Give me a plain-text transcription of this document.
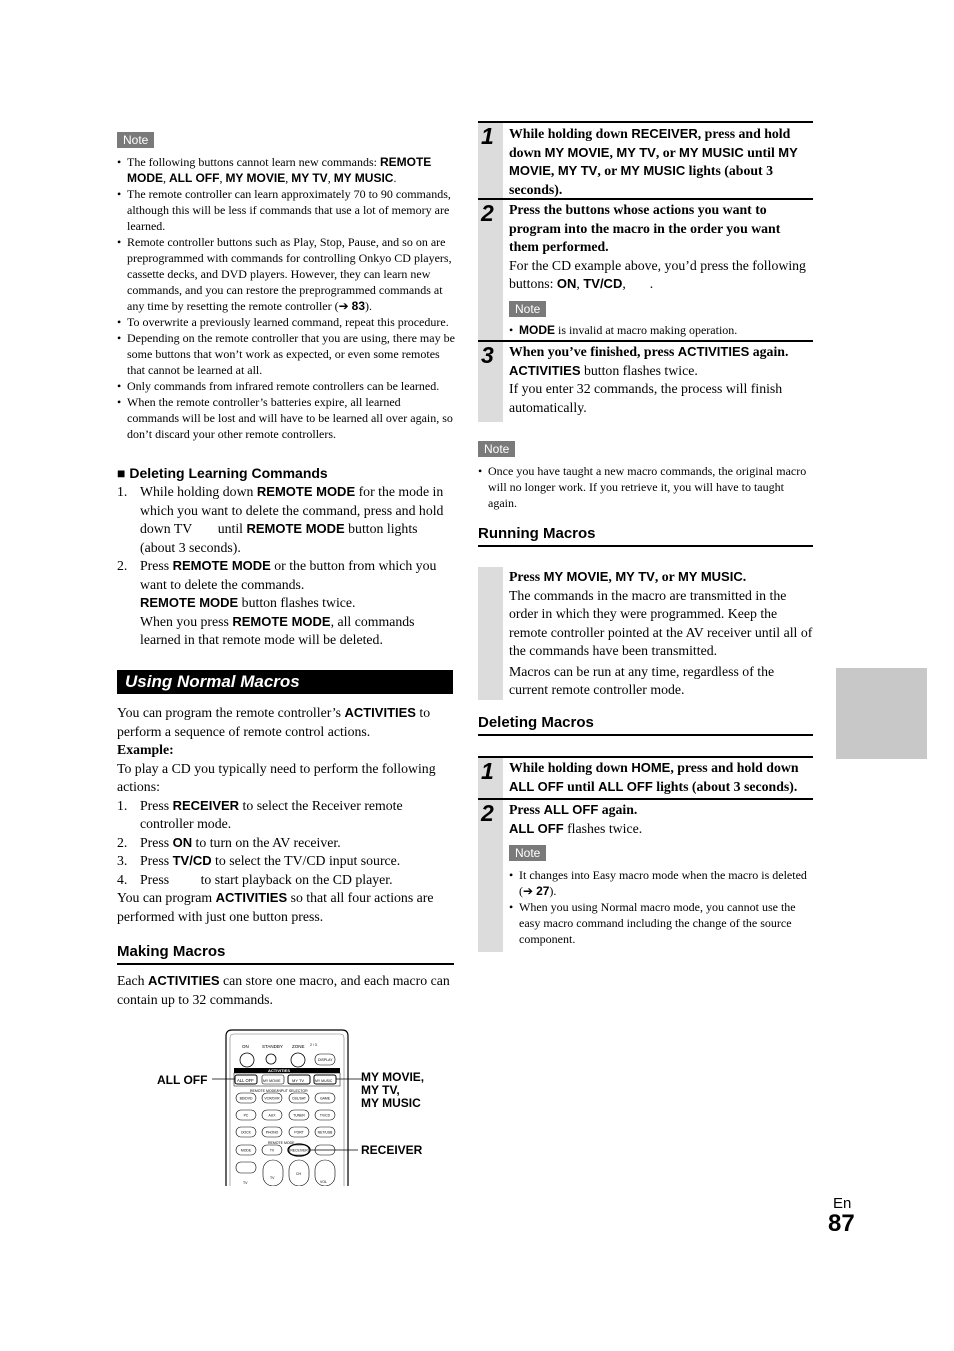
Note
• The following buttons cannot learn new commands: REMOTE MODE, ALL OFF, MY MOVIE, MY TV, MY MUSIC.
• The remote controller can learn approximately 70 to 90 commands, although this will be less if commands that use a lot of memory are learned.
• Remote controller buttons such as Play, Stop, Pause, and so on are preprogrammed with commands for controlling Onkyo CD players, cassette decks, and DVD players. However, they can learn new commands, and you can restore the preprogrammed commands at any time by resetting the remote controller (➔ 83).
• To overwrite a previously learned command, repeat this procedure.
• Depending on the remote controller that you are using, there may be some buttons that won’t work as expected, or even some remotes that cannot be learned at all.
• Only commands from infrared remote controllers can be learned.
• When the remote controller’s batteries expire, all learned commands will be lost and will have to be learned all over again, so don’t discard your other remote controllers.
■ Deleting Learning Commands
1. While holding down REMOTE MODE for the mode in which you want to delete the command, press and hold down TV until REMOTE MODE button lights (about 3 seconds).
2. Press REMOTE MODE or the button from which you want to delete the commands.
REMOTE MODE button flashes twice.
When you press REMOTE MODE, all commands learned in that remote mode will be deleted.
Using Normal Macros
You can program the remote controller’s ACTIVITIES to perform a sequence of remote control actions.
Example:
To play a CD you typically need to perform the following actions:
1. Press RECEIVER to select the Receiver remote controller mode.
2. Press ON to turn on the AV receiver.
3. Press TV/CD to select the TV/CD input source.
4. Press to start playback on the CD player.
You can program ACTIVITIES so that all four actions are performed with just one button press.
Making Macros
Each ACTIVITIES can store one macro, and each macro can contain up to 32 commands.
ON	STANDBY ZONE 2 / 3
DISPLAY
ACTIVITIES
ALL OFF	MY MOVIE	MY TV	MY MUSIC
REMOTE MODE/INPUT SELECTOR
BD/DVD	VCR/DVR	CBL/SAT	GAME
PC	AUX	TUNER	TV/CD
DOCK	PHONO	PORT	NET/USB
REMOTE MODE
MODE	TV	RECEIVER
TV
TV
CH
VOL
ALL OFF	MY MOVIE,
MY TV,
MY MUSIC
RECEIVER
1 While holding down RECEIVER, press and hold down MY MOVIE, MY TV, or MY MUSIC until MY MOVIE, MY TV, or MY MUSIC lights (about 3 seconds).
2 Press the buttons whose actions you want to program into the macro in the order you want them performed.
For the CD example above, you’d press the following buttons: ON, TV/CD, .
Note
• MODE is invalid at macro making operation.
3 When you’ve finished, press ACTIVITIES again.
ACTIVITIES button flashes twice.
If you enter 32 commands, the process will finish automatically.
Note
• Once you have taught a new macro commands, the original macro will no longer work. If you retrieve it, you will have to taught again.
Running Macros
Press MY MOVIE, MY TV, or MY MUSIC.
The commands in the macro are transmitted in the order in which they were programmed. Keep the remote controller pointed at the AV receiver until all of the commands have been transmitted.
Macros can be run at any time, regardless of the current remote controller mode.
Deleting Macros
1 While holding down HOME, press and hold down ALL OFF until ALL OFF lights (about 3 seconds).
2 Press ALL OFF again.
ALL OFF flashes twice.
Note
• It changes into Easy macro mode when the macro is deleted (➔ 27).
• When you using Normal macro mode, you cannot use the easy macro command including the change of the source component.
En
87
